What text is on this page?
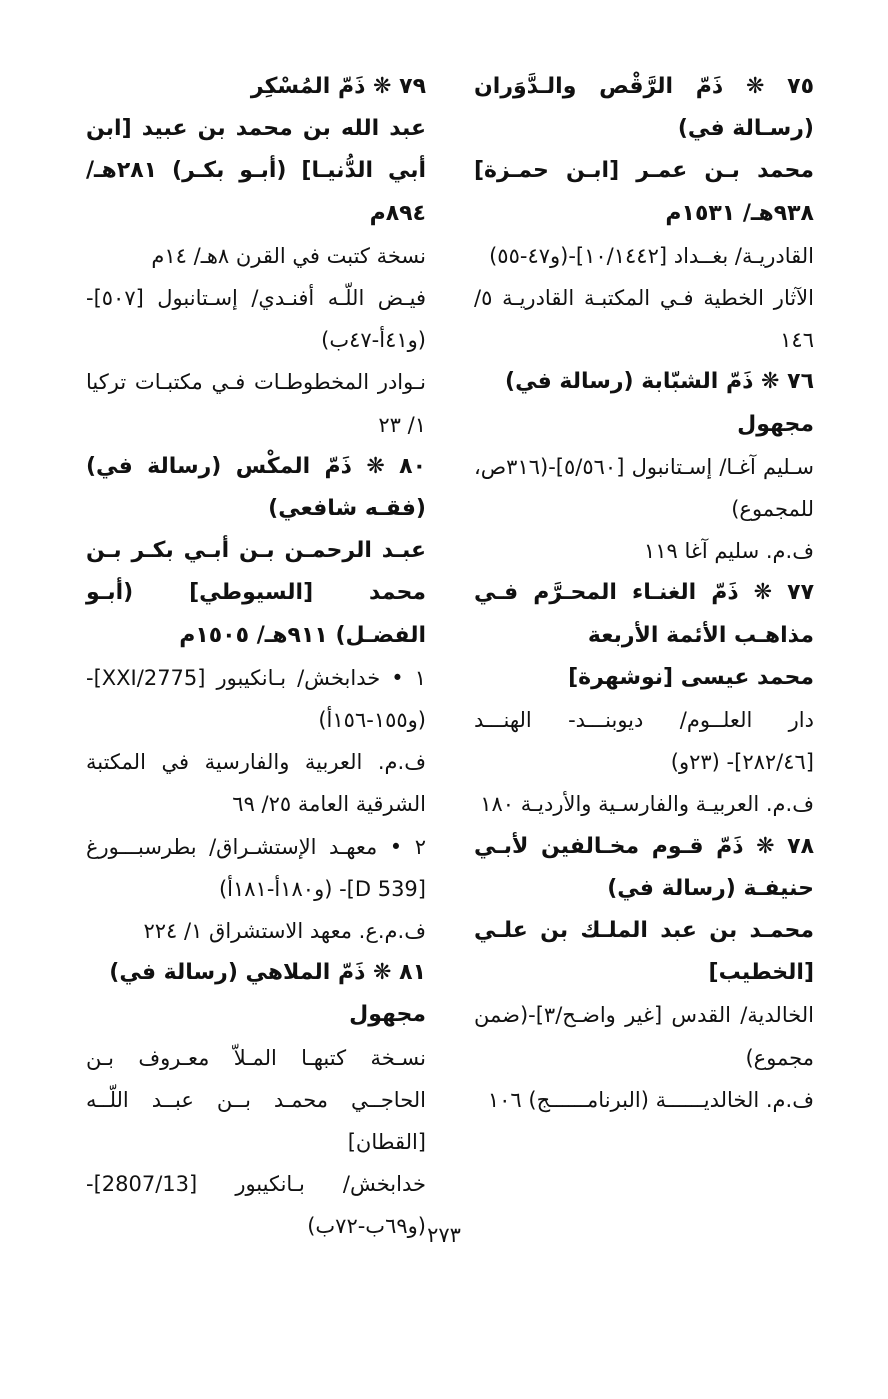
٧٥ ❋ ذَمّ الرَّقْص والـدَّوَران (رسـالة في)
محمد بـن عمـر [ابـن حمـزة] ٩٣٨هـ/ ١٥٣١م
القادريـة/ بغــداد [١٠/١٤٤٢]-(و٤٧-٥٥)
الآثار الخطية فـي المكتبـة القادريـة ٥/ ١٤٦
٧٦ ❋ ذَمّ الشبّابة (رسالة في)
مجهول
سـليم آغـا/ إسـتانبول [٥/٥٦٠]-(٣١٦ص، للمجموع)
ف.م. سليم آغا ١١٩
٧٧ ❋ ذَمّ الغنـاء المحـرَّم فـي مذاهـب الأئمة الأربعة
محمد عيسى [نوشهرة]
دار العلــوم/ ديوبنـــد- الهنـــد [٢٨٢/٤٦]- (٢٣و)
ف.م. العربيـة والفارسـية والأرديـة ١٨٠
٧٨ ❋ ذَمّ قـوم مخـالفين لأبـي حنيفـة (رسالة في)
محمـد بن عبد الملـك بن علـي [الخطيب]
الخالدية/ القدس [غير واضـح/٣]-(ضمن مجموع)
ف.م. الخالديــــــة (البرنامــــــج) ١٠٦
٧٩ ❋ ذَمّ المُسْكِر
عبد الله بن محمد بن عبيد [ابن أبي الدُّنيـا] (أبـو بكـر) ٢٨١هـ/ ٨٩٤م
نسخة كتبت في القرن ٨هـ/ ١٤م
فيـض اللّـه أفنـدي/ إسـتانبول [٥٠٧]- (و٤١أ-٤٧ب)
نـوادر المخطوطـات فـي مكتبـات تركيا ١/ ٢٣
٨٠ ❋ ذَمّ المكْس (رسالة في) (فقـه شافعي)
عبـد الرحمـن بـن أبـي بكـر بـن محمد [السيوطي] (أبـو الفضـل) ٩١١هـ/ ١٥٠٥م
١ • خدابخش/ بـانكيبور [2775/XXI]- (و١٥٥-١٥٦أ)
ف.م. العربية والفارسية في المكتبة الشرقية العامة ٢٥/ ٦٩
٢ • معهـد الإستشـراق/ بطرسبـــورغ [D 539]- (و١٨٠أ-١٨١أ)
ف.م.ع. معهد الاستشراق ١/ ٢٢٤
٨١ ❋ ذَمّ الملاهي (رسالة في)
مجهول
نسـخة كتبهـا المـلاّ معـروف بـن الحاجــي محمـد بــن عبــد اللّــه [القطان]
خدابخش/ بـانكيبور [2807/13]- (و٦٩ب-٧٢ب) ٢٧٣
